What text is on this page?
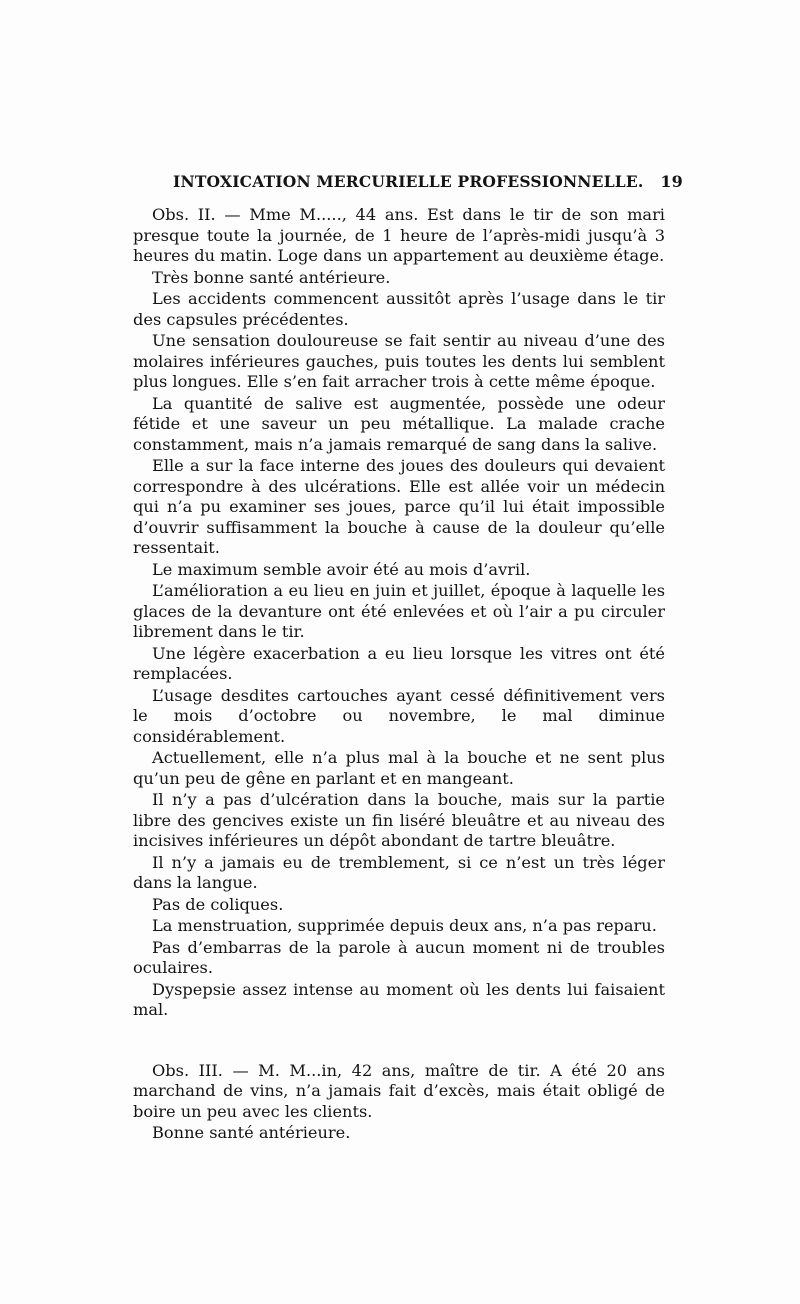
INTOXICATION MERCURIELLE PROFESSIONNELLE. 19

Obs. II. — Mme M....., 44 ans. Est dans le tir de son mari presque toute la journée, de 1 heure de l’après-midi jusqu’à 3 heures du matin. Loge dans un appartement au deuxième étage.

Très bonne santé antérieure.

Les accidents commencent aussitôt après l’usage dans le tir des capsules précédentes.

Une sensation douloureuse se fait sentir au niveau d’une des molaires inférieures gauches, puis toutes les dents lui semblent plus longues. Elle s’en fait arracher trois à cette même époque.

La quantité de salive est augmentée, possède une odeur fétide et une saveur un peu métallique. La malade crache constamment, mais n’a jamais remarqué de sang dans la salive.

Elle a sur la face interne des joues des douleurs qui devaient correspondre à des ulcérations. Elle est allée voir un médecin qui n’a pu examiner ses joues, parce qu’il lui était impossible d’ouvrir suffisamment la bouche à cause de la douleur qu’elle ressentait.

Le maximum semble avoir été au mois d’avril.

L’amélioration a eu lieu en juin et juillet, époque à laquelle les glaces de la devanture ont été enlevées et où l’air a pu circuler librement dans le tir.

Une légère exacerbation a eu lieu lorsque les vitres ont été remplacées.

L’usage desdites cartouches ayant cessé définitivement vers le mois d’octobre ou novembre, le mal diminue considérablement.

Actuellement, elle n’a plus mal à la bouche et ne sent plus qu’un peu de gêne en parlant et en mangeant.

Il n’y a pas d’ulcération dans la bouche, mais sur la partie libre des gencives existe un fin liséré bleuâtre et au niveau des incisives inférieures un dépôt abondant de tartre bleuâtre.

Il n’y a jamais eu de tremblement, si ce n’est un très léger dans la langue.

Pas de coliques.

La menstruation, supprimée depuis deux ans, n’a pas reparu.

Pas d’embarras de la parole à aucun moment ni de troubles oculaires.

Dyspepsie assez intense au moment où les dents lui faisaient mal.

Obs. III. — M. M...in, 42 ans, maître de tir. A été 20 ans marchand de vins, n’a jamais fait d’excès, mais était obligé de boire un peu avec les clients.

Bonne santé antérieure.
